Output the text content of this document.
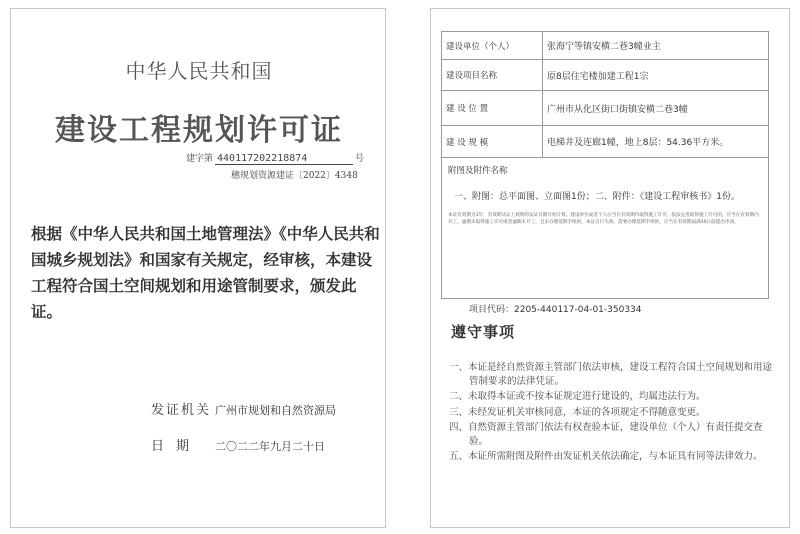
中华人民共和国
建设工程规划许可证
建字第 440117202218874	号
穗规划资源建证〔2022〕4348
根据《中华人民共和国土地管理法》《中华人民共和国城乡规划法》和国家有关规定，经审核，本建设工程符合国土空间规划和用途管制要求，颁发此证。
发证机关 广州市规划和自然资源局
日期 二〇二二年九月二十日
建设单位（个人）	张海宁等镇安横二巷3幢业主
建设项目名称	原8层住宅楼加建工程1宗
建 设 位 置	广州市从化区街口街镇安横二巷3幢
建 设 规 模	电梯井及连廊1幢，地上8层：54.36平方米。

附图及附件名称
一、附图：总平面图、立面图1份；二、附件：《建设工程审核书》1份。
本证有效期为1年，有效期从证上载明的发证日期开始计算。建设单位或者个人应当在有效期内取得施工许可，依法完善取得施工许可的，应当在有效期内开工。逾期未取得施工许可或者逾期未开工，且未办理延期手续的，本证自行失效。需要办理延期手续的，应当在有效期届满30日前提出申请。	
项目代码：2205-440117-04-01-350334
遵守事项
一、本证是经自然资源主管部门依法审核，建设工程符合国土空间规划和用途管制要求的法律凭证。
二、未取得本证或不按本证规定进行建设的，均属违法行为。
三、未经发证机关审核同意，本证的各项规定不得随意变更。
四、自然资源主管部门依法有权查验本证，建设单位（个人）有责任提交查验。
五、本证所需附图及附件由发证机关依法确定，与本证具有同等法律效力。
